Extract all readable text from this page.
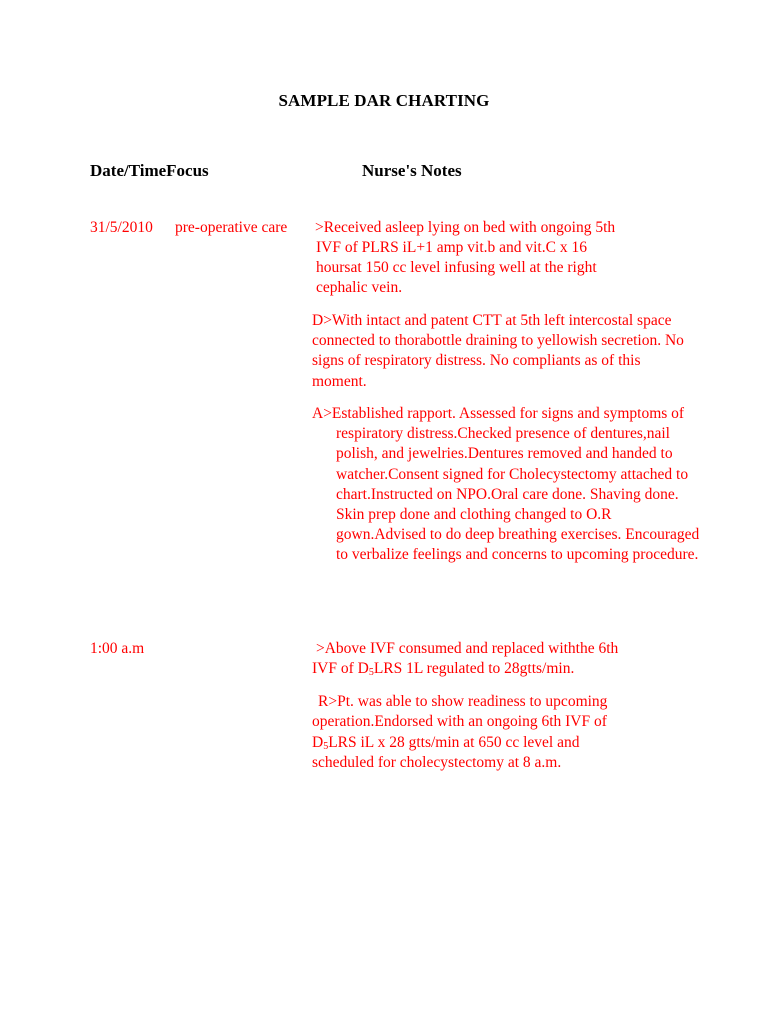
SAMPLE DAR CHARTING
Date/TimeFocus	Nurse's Notes
31/5/2010 pre-operative care >Received asleep lying on bed with ongoing 5th
IVF of PLRS iL+1 amp vit.b and vit.C x 16
hoursat 150 cc level infusing well at the right
cephalic vein.
D>With intact and patent CTT at 5th left intercostal space connected to thorabottle draining to yellowish secretion. No signs of respiratory distress. No compliants as of this moment.
A>Established rapport. Assessed for signs and symptoms of respiratory distress.Checked presence of dentures,nail polish, and jewelries.Dentures removed and handed to watcher.Consent signed for Cholecystectomy attached to chart.Instructed on NPO.Oral care done. Shaving done. Skin prep done and clothing changed to O.R gown.Advised to do deep breathing exercises. Encouraged to verbalize feelings and concerns to upcoming procedure.
1:00 a.m	>Above IVF consumed and replaced withthe 6th
IVF of $D_5LRS$ 1L regulated to 28gtts/min.
R>Pt. was able to show readiness to upcoming
operation.Endorsed with an ongoing 6th IVF of
$D_5LRS$ iL x 28 gtts/min at 650 cc level and
scheduled for cholecystectomy at 8 a.m.
